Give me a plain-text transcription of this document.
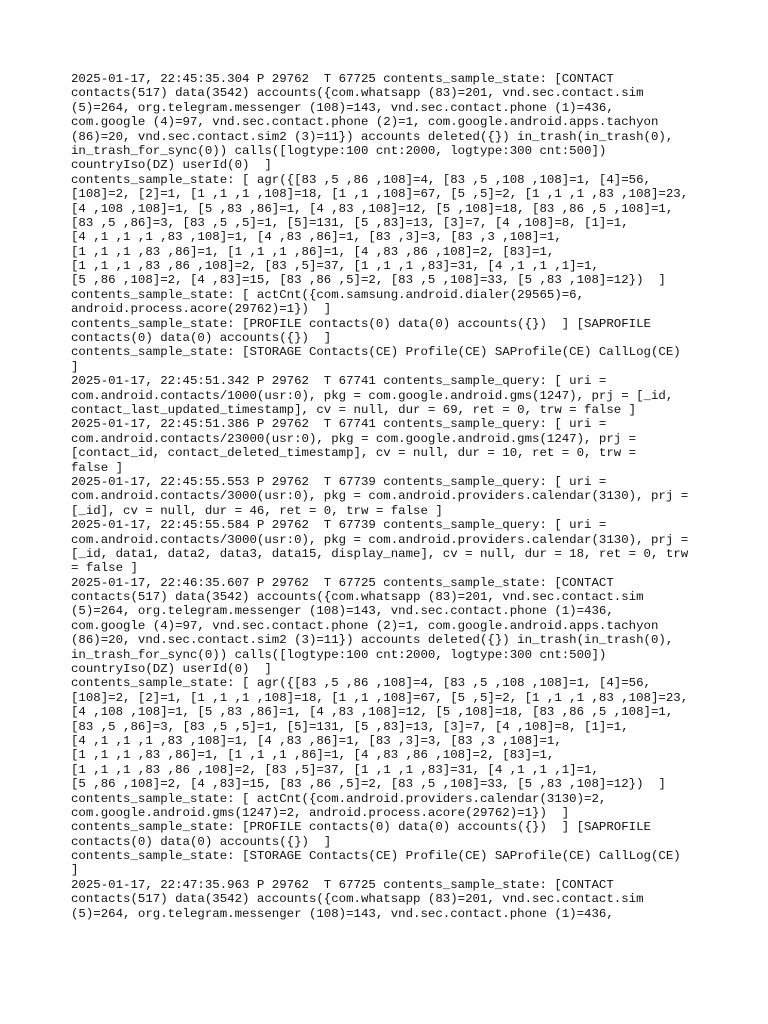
2025-01-17, 22:45:35.304 P 29762  T 67725 contents_sample_state: [CONTACT
contacts(517) data(3542) accounts({com.whatsapp (83)=201, vnd.sec.contact.sim
(5)=264, org.telegram.messenger (108)=143, vnd.sec.contact.phone (1)=436,
com.google (4)=97, vnd.sec.contact.phone (2)=1, com.google.android.apps.tachyon
(86)=20, vnd.sec.contact.sim2 (3)=11}) accounts deleted({}) in_trash(in_trash(0),
in_trash_for_sync(0)) calls([logtype:100 cnt:2000, logtype:300 cnt:500])
countryIso(DZ) userId(0)  ]
contents_sample_state: [ agr({[83 ,5 ,86 ,108]=4, [83 ,5 ,108 ,108]=1, [4]=56,
[108]=2, [2]=1, [1 ,1 ,1 ,108]=18, [1 ,1 ,108]=67, [5 ,5]=2, [1 ,1 ,1 ,83 ,108]=23,
[4 ,108 ,108]=1, [5 ,83 ,86]=1, [4 ,83 ,108]=12, [5 ,108]=18, [83 ,86 ,5 ,108]=1,
[83 ,5 ,86]=3, [83 ,5 ,5]=1, [5]=131, [5 ,83]=13, [3]=7, [4 ,108]=8, [1]=1,
[4 ,1 ,1 ,1 ,83 ,108]=1, [4 ,83 ,86]=1, [83 ,3]=3, [83 ,3 ,108]=1,
[1 ,1 ,1 ,83 ,86]=1, [1 ,1 ,1 ,86]=1, [4 ,83 ,86 ,108]=2, [83]=1,
[1 ,1 ,1 ,83 ,86 ,108]=2, [83 ,5]=37, [1 ,1 ,1 ,83]=31, [4 ,1 ,1 ,1]=1,
[5 ,86 ,108]=2, [4 ,83]=15, [83 ,86 ,5]=2, [83 ,5 ,108]=33, [5 ,83 ,108]=12})  ]
contents_sample_state: [ actCnt({com.samsung.android.dialer(29565)=6,
android.process.acore(29762)=1})  ]
contents_sample_state: [PROFILE contacts(0) data(0) accounts({})  ] [SAPROFILE
contacts(0) data(0) accounts({})  ]
contents_sample_state: [STORAGE Contacts(CE) Profile(CE) SAProfile(CE) CallLog(CE)
]
2025-01-17, 22:45:51.342 P 29762  T 67741 contents_sample_query: [ uri =
com.android.contacts/1000(usr:0), pkg = com.google.android.gms(1247), prj = [_id,
contact_last_updated_timestamp], cv = null, dur = 69, ret = 0, trw = false ]
2025-01-17, 22:45:51.386 P 29762  T 67741 contents_sample_query: [ uri =
com.android.contacts/23000(usr:0), pkg = com.google.android.gms(1247), prj =
[contact_id, contact_deleted_timestamp], cv = null, dur = 10, ret = 0, trw =
false ]
2025-01-17, 22:45:55.553 P 29762  T 67739 contents_sample_query: [ uri =
com.android.contacts/3000(usr:0), pkg = com.android.providers.calendar(3130), prj =
[_id], cv = null, dur = 46, ret = 0, trw = false ]
2025-01-17, 22:45:55.584 P 29762  T 67739 contents_sample_query: [ uri =
com.android.contacts/3000(usr:0), pkg = com.android.providers.calendar(3130), prj =
[_id, data1, data2, data3, data15, display_name], cv = null, dur = 18, ret = 0, trw
= false ]
2025-01-17, 22:46:35.607 P 29762  T 67725 contents_sample_state: [CONTACT
contacts(517) data(3542) accounts({com.whatsapp (83)=201, vnd.sec.contact.sim
(5)=264, org.telegram.messenger (108)=143, vnd.sec.contact.phone (1)=436,
com.google (4)=97, vnd.sec.contact.phone (2)=1, com.google.android.apps.tachyon
(86)=20, vnd.sec.contact.sim2 (3)=11}) accounts deleted({}) in_trash(in_trash(0),
in_trash_for_sync(0)) calls([logtype:100 cnt:2000, logtype:300 cnt:500])
countryIso(DZ) userId(0)  ]
contents_sample_state: [ agr({[83 ,5 ,86 ,108]=4, [83 ,5 ,108 ,108]=1, [4]=56,
[108]=2, [2]=1, [1 ,1 ,1 ,108]=18, [1 ,1 ,108]=67, [5 ,5]=2, [1 ,1 ,1 ,83 ,108]=23,
[4 ,108 ,108]=1, [5 ,83 ,86]=1, [4 ,83 ,108]=12, [5 ,108]=18, [83 ,86 ,5 ,108]=1,
[83 ,5 ,86]=3, [83 ,5 ,5]=1, [5]=131, [5 ,83]=13, [3]=7, [4 ,108]=8, [1]=1,
[4 ,1 ,1 ,1 ,83 ,108]=1, [4 ,83 ,86]=1, [83 ,3]=3, [83 ,3 ,108]=1,
[1 ,1 ,1 ,83 ,86]=1, [1 ,1 ,1 ,86]=1, [4 ,83 ,86 ,108]=2, [83]=1,
[1 ,1 ,1 ,83 ,86 ,108]=2, [83 ,5]=37, [1 ,1 ,1 ,83]=31, [4 ,1 ,1 ,1]=1,
[5 ,86 ,108]=2, [4 ,83]=15, [83 ,86 ,5]=2, [83 ,5 ,108]=33, [5 ,83 ,108]=12})  ]
contents_sample_state: [ actCnt({com.android.providers.calendar(3130)=2,
com.google.android.gms(1247)=2, android.process.acore(29762)=1})  ]
contents_sample_state: [PROFILE contacts(0) data(0) accounts({})  ] [SAPROFILE
contacts(0) data(0) accounts({})  ]
contents_sample_state: [STORAGE Contacts(CE) Profile(CE) SAProfile(CE) CallLog(CE)
]
2025-01-17, 22:47:35.963 P 29762  T 67725 contents_sample_state: [CONTACT
contacts(517) data(3542) accounts({com.whatsapp (83)=201, vnd.sec.contact.sim
(5)=264, org.telegram.messenger (108)=143, vnd.sec.contact.phone (1)=436,
